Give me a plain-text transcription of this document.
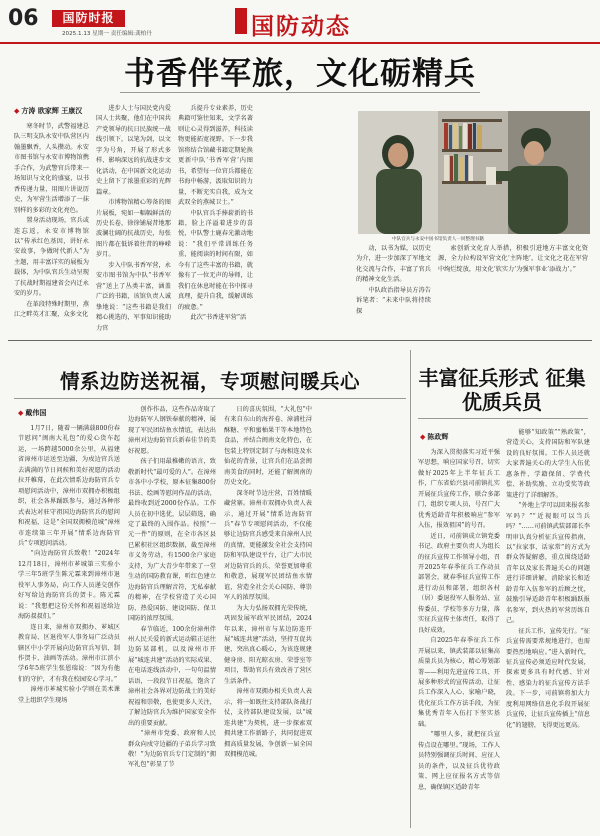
06	国防时报
2025.1.13 星期一 责任编辑:龚柏丹	国防动态
书香伴军旅，文化砺精兵
◆ 方涛 欧家辉 王康汉

寒冬时节，武警福建总队三明支队永安中队营区内翰墨飘香，人头攒动。永安市图书馆与永安市博物馆携手合作，为武警官兵带来一场知识与文化的盛宴，以书香传递力量，用图片讲说历史，为军营生活增添了一抹别样的多彩的文化亮色。

置身活动现场，官兵或连忘返，永安市博物馆以“传承红色基因，讲好永安故事，争做时代新人”为主题，用丰富详实的展板为载体，为中队官兵生动呈现了抗战时期福建省会内迁永安的岁月。

在革段特殊时期里，燕江之畔英才汇聚，众多文化

进步人士与国民党内爱国人士共聚，他们在中国共产党领导的抗日民族统一战线引领下，以笔为剑，以文字为号角，开展了形式多样、影响深远的抗战进步文化活动，在中国新文化运动史上留下了浓墨重彩的光辉篇章。

市博物馆精心筹备的图片展板，宛如一幅幅鲜活的历史长卷，徐徐铺展昔地那波澜壮阔的抗战历史，每张图片都在低诉着往昔的峥嵘岁月。

步入中队书香军营，永安市图书馆为中队“书香军营”送上了丛类丰富，涵盖广泛的书籍，该馆负责人诚挚地说：“这些书籍是我们精心挑选的，军事知识能助力官

兵提升专业素养，历史典籍可鉴往知来，文学名著则让心灵得到滋养，科技读物更能拓宽视野。下一步我馆将结合馆藏书籍定期轮换更新中队‘书香军营’内图书，希望每一位官兵都能在书海中畅游，汲取知识的力量，不断充实自我，成为文武双全的燕城卫士。”

中队官兵手捧崭新的书籍，脸上洋溢着进步的喜悦，中队警士鹿春光激动地说：“我们平常训练任务重，能阅读的时间有限，如今有了这些丰富的书籍，就像有了一位无声的导师，让我们在休息时能在书中探寻真理，提升自我，缓解训练的疲惫。”

此次“书香进军营”活

动，以书为媒，以历史为介，进一步加深了军地文化交流与合作，丰富了官兵的精神文化生活。

中队政治指导员方涛告诉笔者：“未来中队将持续探

索创新文化育人举措，积极引进地方丰富文化资源，全力拉构设军营文化‘主阵地’，让文化之花在军营中绚烂绽放，用文化‘软实力’为强军事业‘添战力’。”

中队官兵与永安中国书馆负责人一同整理书籍
情系边防送祝福，专项慰问暖兵心
◆ 戴伟国

1月7日，随着一辆满载800份春节慰问“闽南大礼包”的爱心货车起运，一场跨越5000余公里，从福建省漳州市运送至边疆，为戍边官兵送去满满的节日问候和美好祝愿的活动拉开帷幕，在此次情系边海防官兵专项慰问活动中，漳州市双拥办积极组织，社会各界踊跃参与，通过各种形式表达对驻守祖国边海防官兵的慰问和祝福，这是“全国双拥模范城”漳州市连续第三年开展“情系边海防官兵”专项慰问活动。

“向边海防官兵致敬！”2024年12月18日，漳州市芗城第三实验小学三年5班学生陈元霖来到漳州市退役军人事务局，向工作人员递交创作好写给边海防官兵的贺卡。陈元霖说：“我想把这份关怀和祝福送给边海防叔叔们。”

连日来，漳州市双拥办、芗城区教育局、区退役军人事务局广泛动员辖区中小学开展向边防官兵写信、制作贺卡、油画等活动。漳州市江滨小学6年5班学生张恩瑞说：“因为有他们的守护，才有我在校园安心学习。”

漳州市芗城实验小学则在美术课堂上组织学生现场

创作作品，这些作品寄取了边海防军人钢铁奉献的精神，展现了军民团结鱼水情谊，表达出漳州对边海防官兵新春佳节的美好祝愿。

孩子们用最稚嫩的语言，致敬新时代“最可爱的人”。在漳州市各中小学校，原本征集800份书法、绘画等慰问作品的活动，最终收到近2000份作品。工作人员在初中选优，层层筛选，确定了最终的入围作品。按照“一元一件”的原则，在全市各区县已累积社区组织数据，截至漳州市义务劳动，有1500余户家庭支持，为广大青少年带来了一堂生动的国防教育课，听红色建立边海防官兵理解音符，无私奉献的精神，在学校营造了关心国防、热爱国防、建设国防、保卫国防的浓厚氛围。

春节临近，100余份漳州伴州人民关爱的新式运动鞋正运往边防某部机，以及漳州市开展“城连共建”活动的实际成果、在电话连线活动中，一句句温情话语，一段段节日祝福，饱含了漳州社会各界对边防战士的美好祝福和崇敬，也使更多人关注，了解边防官兵为维护国家安全作出的重要贡献。

“漳州市党委、政府和人民群众向戍守边疆的子弟兵学习致敬！”为边防官兵专门定制的“拥军礼包”彰显了节

日的喜庆氛围，“大礼包”中有来自东山的海苔卷、漳浦杜浔酥糖、平和蜜柚果干等本地特色食品，并结合闽南文化特色，在包装上特别定制了与海相连及水仙花的背景，让官兵们在品尝闽南美食的同时，还能了解闽南的历史文化。

深冬时节边庄营，百姓情暖藏营寨。漳州市双拥办负责人表示，通过开展“情系边海防官兵”春节专项慰问活动，不仅能够让边防官兵感受来自漳州人民的真情，更能激发全社会支持国防和军队建设平台，让广大市民对边防官兵的兵、荣誉更加尊重和敬意，展现军民团结鱼水情谊，营造全社会关心国防、尊崇军人的浓厚氛围。

为大力弘扬双拥光荣传统，巩固发展军政军民团结，2024年以来，漳州市与某边防连开展“城连共建”活动，坚持互促共建、突出真心暖心，为该连规建健身房、阳光晾衣房、荣誉室等项目，帮助官兵有效改善了营区生活条件。

漳州市双拥办相关负责人表示，将一如既往支持部队备战打仗，支持部队建设发展，以“城连共建”为契机，进一步探索双拥共建工作新路子，共同促进双拥高质量发展，争创新一届全国双拥模范城。

丰富征兵形式 征集优质兵员
◆ 陈政辉

为深入贯彻落实习近平强军思想，响应国家号召，切实做好2025年上半年征兵工作，广东省始兴县司前镇扎实开展征兵宣传工作，联合多部门，组织专项人员，号召广大优秀适龄青年积极响应“参军入伍，报效祖国”的号召。

近日，司前镇成立镇党委书记、政府主要负责人为组长的征兵宣传工作领导小组，召开2025年春季征兵工作动员部署会，就春季征兵宣传工作进行动员和部署，组织各村（居）委退役军人服务站、宣传委员、学校等多方力量，落实征兵宣传主体责任，取得了良好成效。

自2025年春季征兵工作开展以来，镇武装部以征集高质量兵员为核心，精心筹划部署——利用先进宣传工具、开展多种形式的宣传活动，让征兵工作深入人心、家喻户晓，优化征兵工作方法手段，为征集优秀青年入伍打下坚实基础。

“哪里人多，就把征兵宣传点设在哪里。”现场，工作人员特别强调征兵时间、应征人员的条件，以及征兵优待政策、网上应征报名方式等信息，确保镇区适龄青年

能够“知政策”“熟政策”，营造关心，支持国防和军队建设的良好氛围。工作人员还就大家普遍关心的大学生入伍优惠条件、学籍保留、学费代偿、补助奖励、立功受奖等政策进行了详细解答。

“外地上学可以回来报名参军吗？”“近视眼可以当兵吗？”……司前镇武装部部长李明审认真分析征兵宣传指南，以“拉家事、话家常”的方式为群众答疑解惑，重点围绕适龄青年以及家长普遍关心的问题进行详细讲解，消除家长和适龄青年入伍参军的后顾之忧，鼓励引导适龄青年积极踊跃报名参军，到火热的军营历练自己。

征兵工作，宣传先行。“征兵宣传需要常规地进行，也需要热烈地响应。”进入新时代，征兵宣传必须适应时代发展，探索更多具有时代感、针对性、感染力的征兵宣传方法手段。下一步，司前镇将加大力度利用网络信息化手段开展征兵宣传，让征兵宣传插上“信息化”的翅膀，飞得更远更高。
